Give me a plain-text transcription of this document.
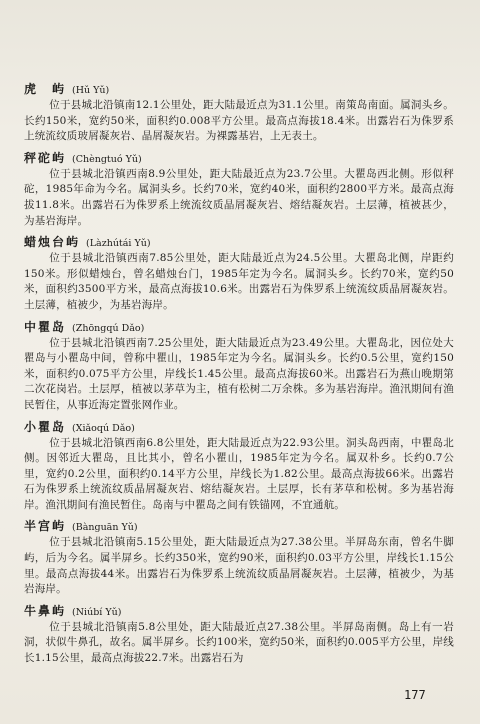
虎　屿 (Hǔ Yǔ)

位于县城北沿镇南12.1公里处，距大陆最近点为31.1公里。南策岛南面。属洞头乡。长约150米，宽约50米，面积约0.008平方公里。最高点海拔18.4米。出露岩石为侏罗系上统流纹质玻屑凝灰岩、晶屑凝灰岩。为裸露基岩，上无表土。

秤砣屿 (Chèngtuó Yǔ)

位于县城北沿镇西南8.9公里处，距大陆最近点为23.7公里。大瞿岛西北侧。形似秤砣，1985年命为今名。属洞头乡。长约70米，宽约40米，面积约2800平方米。最高点海拔11.8米。出露岩石为侏罗系上统流纹质晶屑凝灰岩、熔结凝灰岩。土层薄，植被甚少，为基岩海岸。

蜡烛台屿 (Làzhútái Yǔ)

位于县城北沿镇西南7.85公里处，距大陆最近点为24.5公里。大瞿岛北侧，岸距约150米。形似蜡烛台，曾名蜡烛台门，1985年定为今名。属洞头乡。长约70米，宽约50米，面积约3500平方米，最高点海拔10.6米。出露岩石为侏罗系上统流纹质晶屑凝灰岩。土层薄，植被少，为基岩海岸。

中瞿岛 (Zhōngqú Dǎo)

位于县城北沿镇西南7.25公里处，距大陆最近点为23.49公里。大瞿岛北，因位处大瞿岛与小瞿岛中间，曾称中瞿山，1985年定为今名。属洞头乡。长约0.5公里，宽约150米，面积约0.075平方公里，岸线长1.45公里。最高点海拔60米。出露岩石为燕山晚期第二次花岗岩。土层厚，植被以茅草为主，植有松树二万余株。多为基岩海岸。渔汛期间有渔民暂住，从事近海定置张网作业。

小瞿岛 (Xiǎoqú Dǎo)

位于县城北沿镇西南6.8公里处，距大陆最近点为22.93公里。洞头岛西南，中瞿岛北侧。因邻近大瞿岛，且比其小，曾名小瞿山，1985年定为今名。属双朴乡。长约0.7公里，宽约0.2公里，面积约0.14平方公里，岸线长为1.82公里。最高点海拔66米。出露岩石为侏罗系上统流纹质晶屑凝灰岩、熔结凝灰岩。土层厚，长有茅草和松树。多为基岩海岸。渔汛期间有渔民暂住。岛南与中瞿岛之间有铁锚网，不宜通航。

半宫屿 (Bànguān Yǔ)

位于县城北沿镇南5.15公里处，距大陆最近点为27.38公里。半屏岛东南，曾名牛脚屿，后为今名。属半屏乡。长约350米，宽约90米，面积约0.03平方公里，岸线长1.15公里。最高点海拔44米。出露岩石为侏罗系上统流纹质晶屑凝灰岩。土层薄，植被少，为基岩海岸。

牛鼻屿 (Niúbí Yǔ)

位于县城北沿镇南5.8公里处，距大陆最近点27.38公里。半屏岛南侧。岛上有一岩洞，状似牛鼻孔，故名。属半屏乡。长约100米，宽约50米，面积约0.005平方公里，岸线长1.15公里，最高点海拔22.7米。出露岩石为

177
